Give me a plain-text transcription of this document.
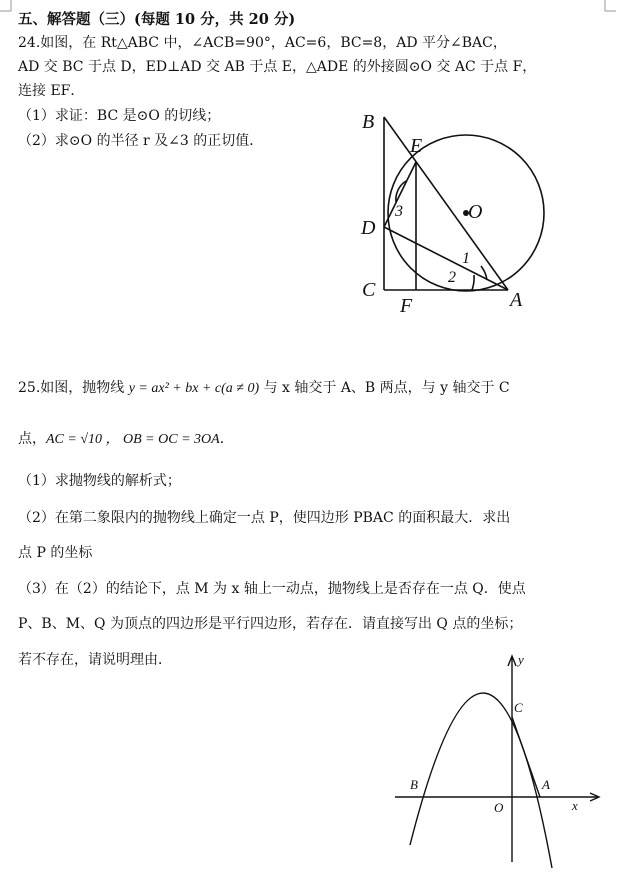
五、解答题（三）(每题 10 分，共 20 分)
24.如图，在 Rt△ABC 中，∠ACB=90°，AC=6，BC=8，AD 平分∠BAC，
AD 交 BC 于点 D，ED⊥AD 交 AB 于点 E，△ADE 的外接圆⊙O 交 AC 于点 F，
连接 EF．
（1）求证：BC 是⊙O 的切线；
（2）求⊙O 的半径 r 及∠3 的正切值．
B
E
O
D
3
1
2
C
F	A
25.如图，抛物线 y = ax² + bx + c(a ≠ 0) 与 x 轴交于 A、B 两点，与 y 轴交于 C
点，AC = √10 ， OB = OC = 3OA．
（1）求抛物线的解析式；
（2）在第二象限内的抛物线上确定一点 P，使四边形 PBAC 的面积最大．求出
点 P 的坐标
（3）在（2）的结论下，点 M 为 x 轴上一动点，抛物线上是否存在一点 Q．使点
P、B、M、Q 为顶点的四边形是平行四边形，若存在．请直接写出 Q 点的坐标；
若不存在，请说明理由．	y
C
B	A
O	x
